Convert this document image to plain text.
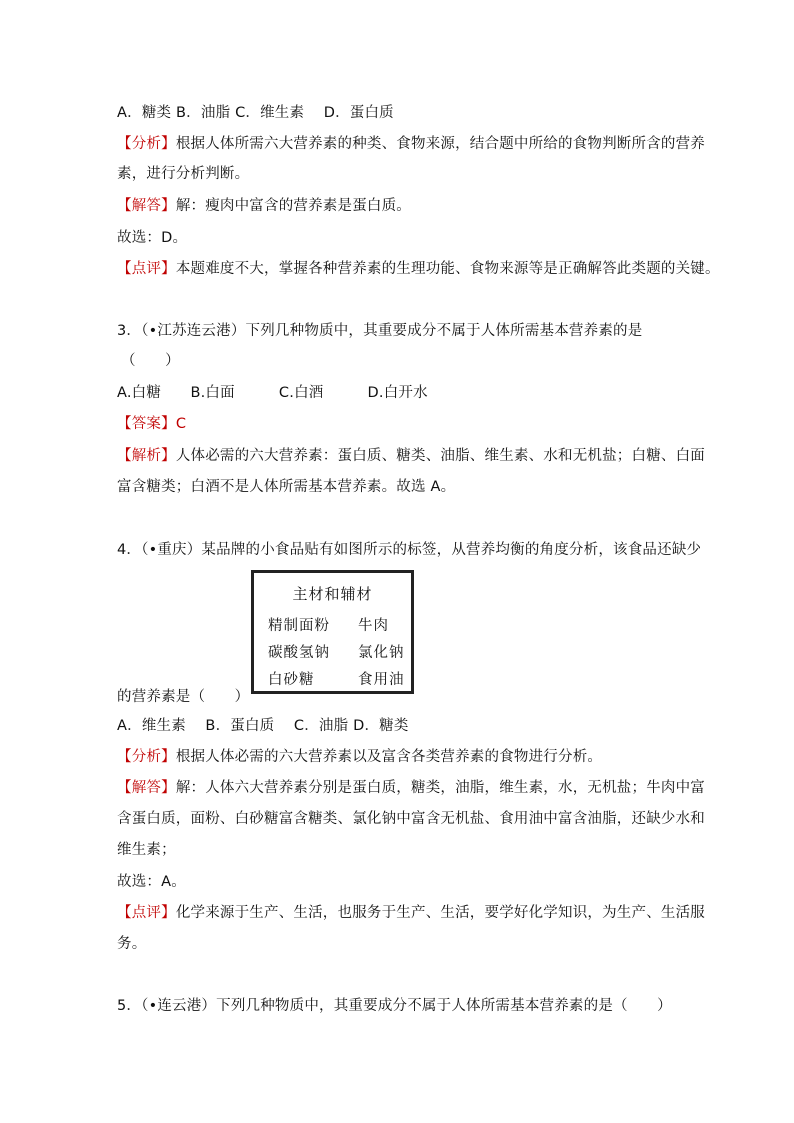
A．糖类 B．油脂 C．维生素　 D．蛋白质
【分析】根据人体所需六大营养素的种类、食物来源，结合题中所给的食物判断所含的营养
素，进行分析判断。
【解答】解：瘦肉中富含的营养素是蛋白质。
故选：D。
【点评】本题难度不大，掌握各种营养素的生理功能、食物来源等是正确解答此类题的关键。
3．（•江苏连云港）下列几种物质中，其重要成分不属于人体所需基本营养素的是
（　　）
A.白糖　　B.白面　　　C.白酒　　　D.白开水
【答案】C
【解析】人体必需的六大营养素：蛋白质、糖类、油脂、维生素、水和无机盐；白糖、白面
富含糖类；白酒不是人体所需基本营养素。故选 A。
4．（•重庆）某品牌的小食品贴有如图所示的标签，从营养均衡的角度分析，该食品还缺少
主材和辅材
精制面粉 牛肉
碳酸氢钠 氯化钠
白砂糖	食用油
的营养素是（　　）
A．维生素　 B．蛋白质　 C．油脂 D．糖类
【分析】根据人体必需的六大营养素以及富含各类营养素的食物进行分析。
【解答】解：人体六大营养素分别是蛋白质，糖类，油脂，维生素，水，无机盐；牛肉中富
含蛋白质，面粉、白砂糖富含糖类、氯化钠中富含无机盐、食用油中富含油脂，还缺少水和
维生素；
故选：A。
【点评】化学来源于生产、生活，也服务于生产、生活，要学好化学知识，为生产、生活服
务。
5．（•连云港）下列几种物质中，其重要成分不属于人体所需基本营养素的是（　　）
